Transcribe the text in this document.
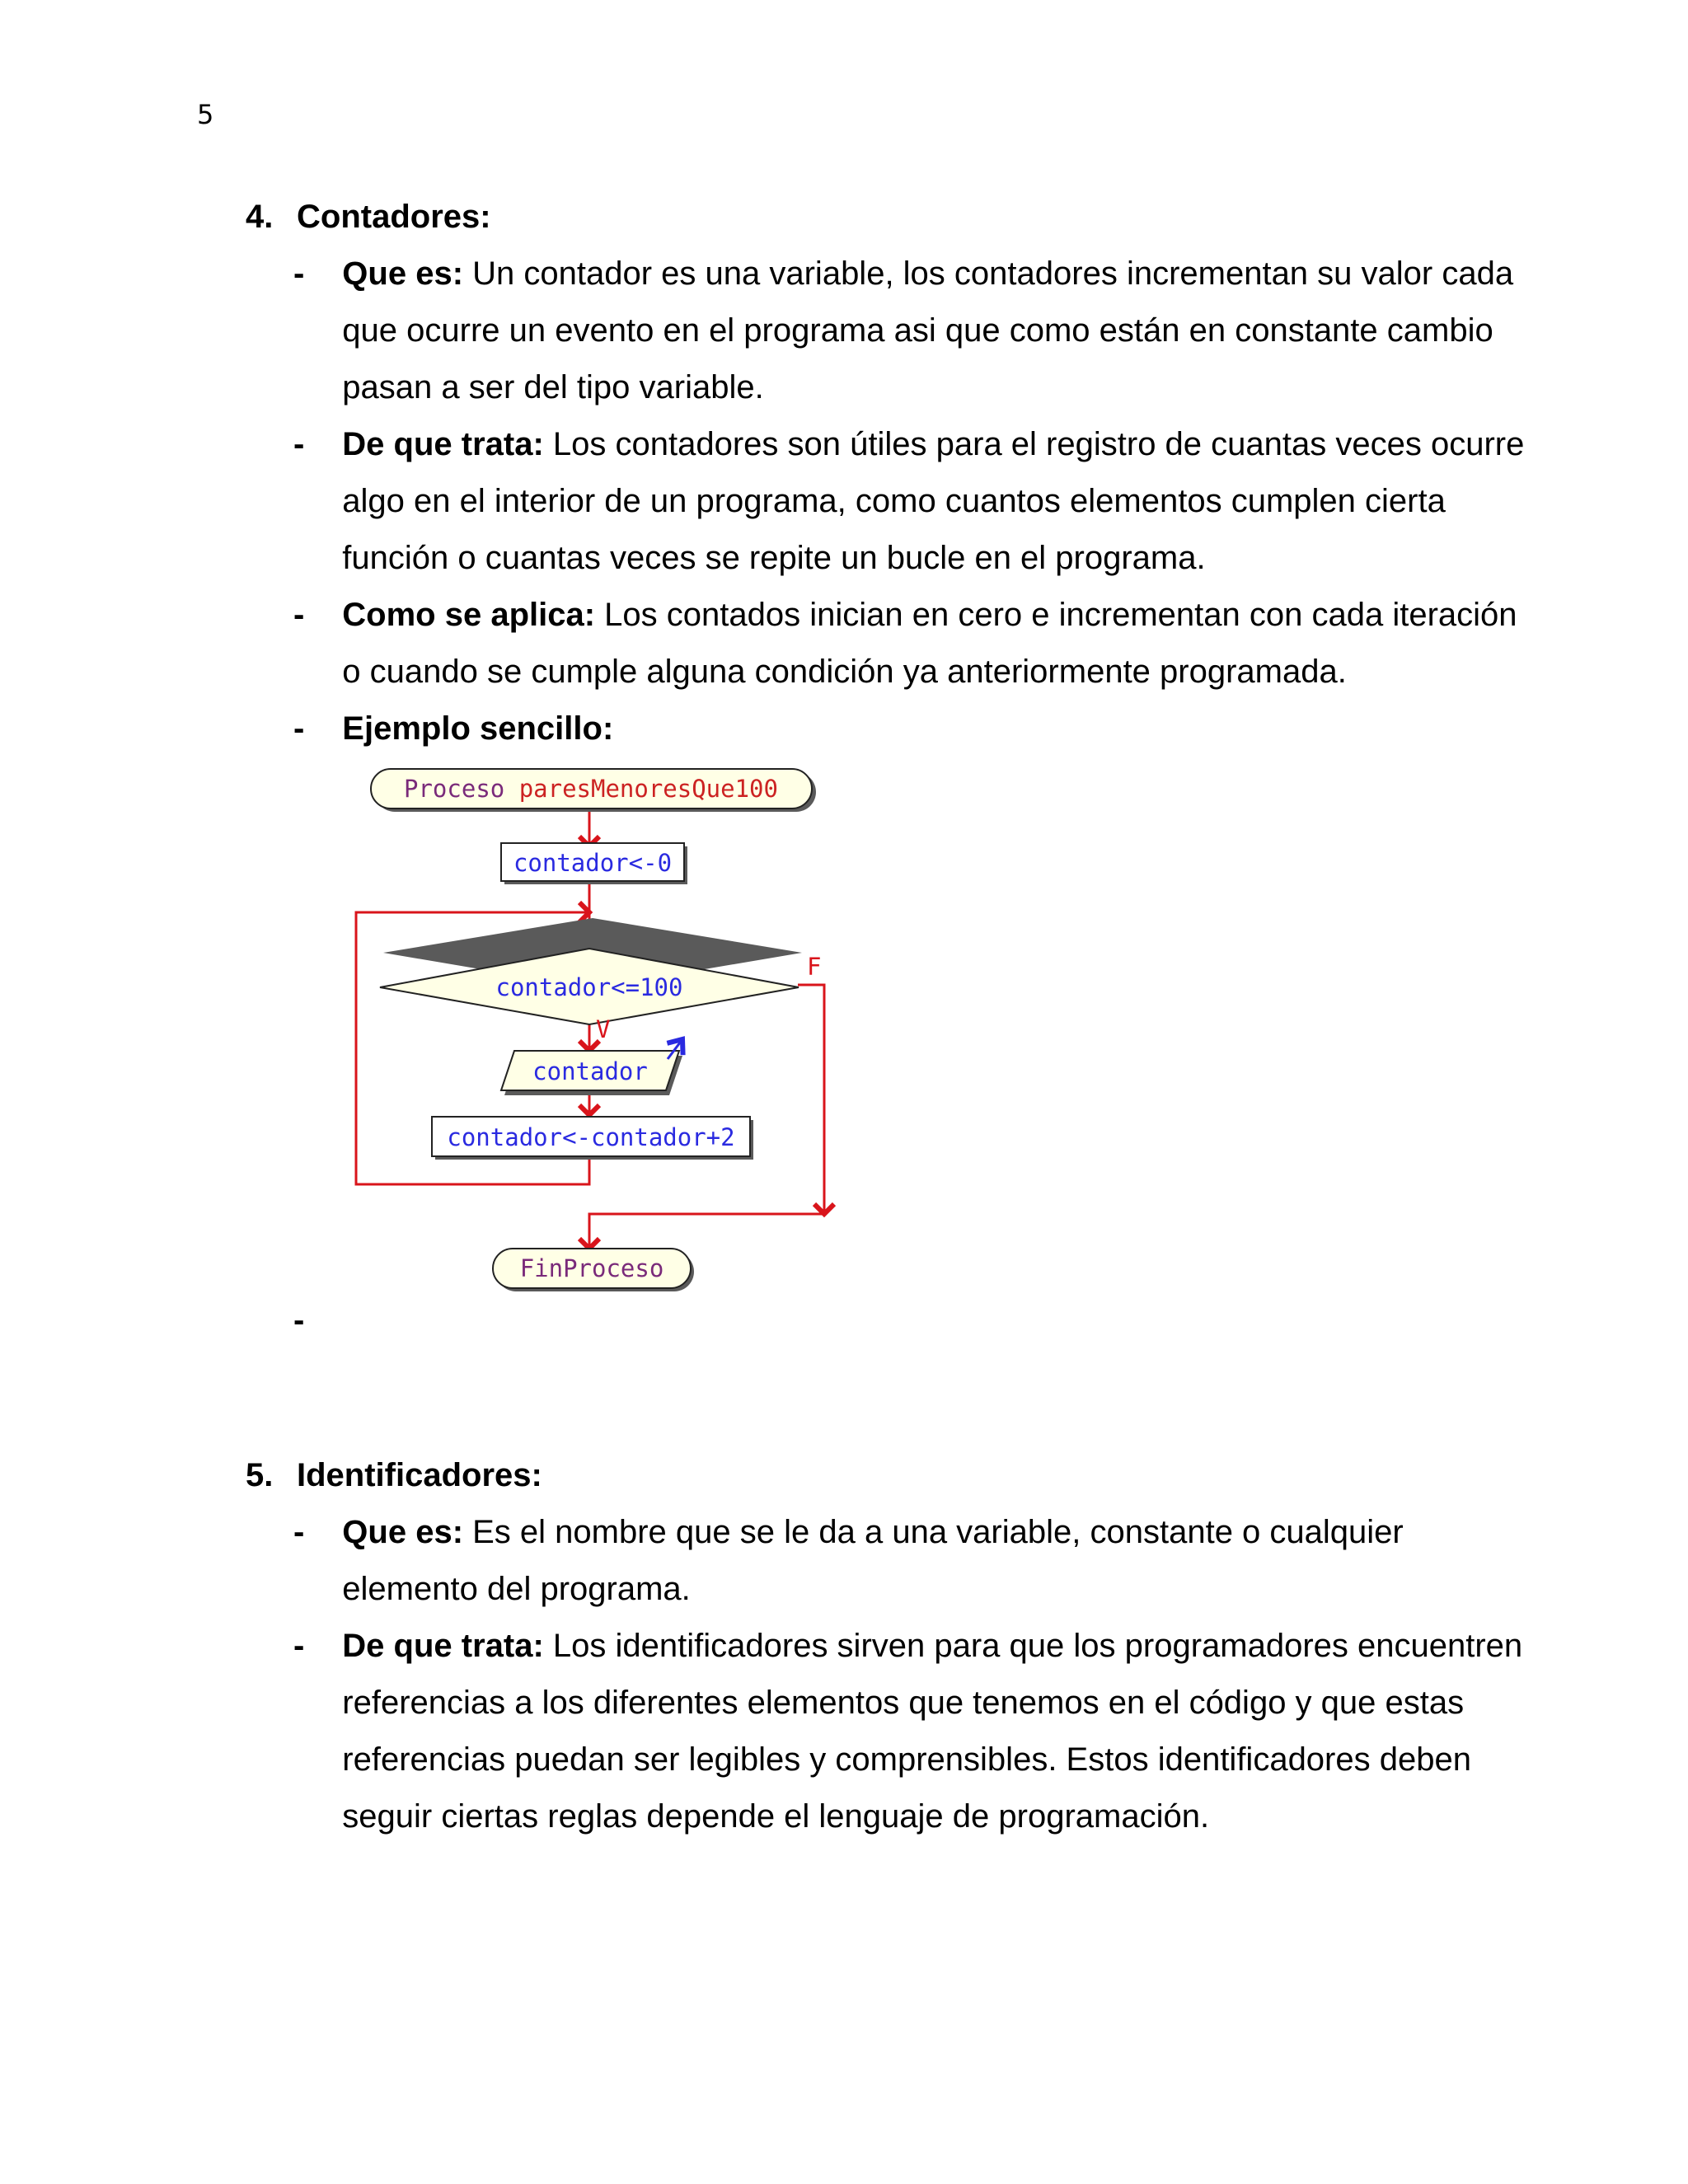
5
4. Contadores:
-	Que es: Un contador es una variable, los contadores incrementan su valor cada que ocurre un evento en el programa asi que como están en constante cambio pasan a ser del tipo variable.
-	De que trata: Los contadores son útiles para el registro de cuantas veces ocurre algo en el interior de un programa, como cuantos elementos cumplen cierta función o cuantas veces se repite un bucle en el programa.
-	Como se aplica: Los contados inician en cero e incrementan con cada iteración o cuando se cumple alguna condición ya anteriormente programada.
-	Ejemplo sencillo:
Proceso paresMenoresQue100
contador<-0
contador<=100
F
V
contador
contador<-contador+2
FinProceso
-
5. Identificadores:
-	Que es: Es el nombre que se le da a una variable, constante o cualquier elemento del programa.
-	De que trata: Los identificadores sirven para que los programadores encuentren referencias a los diferentes elementos que tenemos en el código y que estas referencias puedan ser legibles y comprensibles. Estos identificadores deben seguir ciertas reglas depende el lenguaje de programación.
